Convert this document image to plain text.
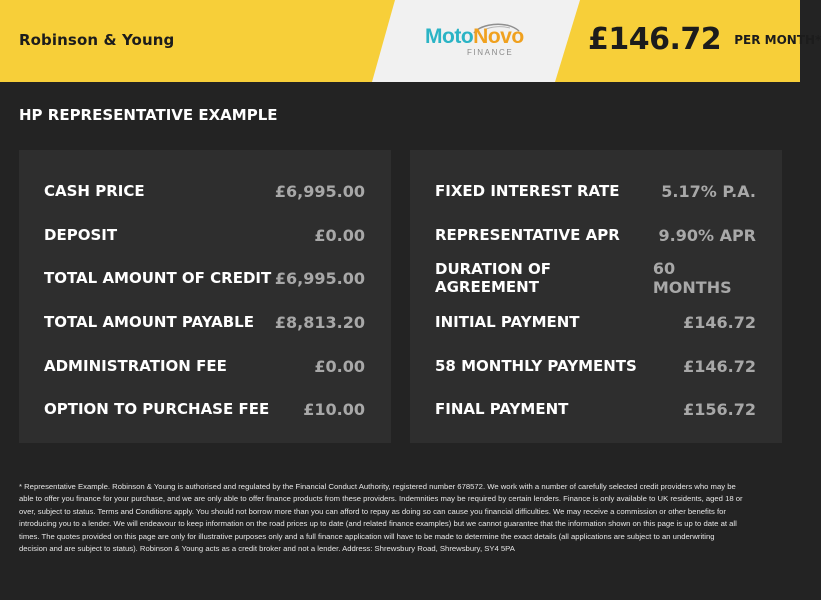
Robinson & Young	MotoNovo
FINANCE	£146.72 PER MONTH*
HP REPRESENTATIVE EXAMPLE
CASH PRICE	£6,995.00
DEPOSIT	£0.00
TOTAL AMOUNT OF CREDIT £6,995.00
TOTAL AMOUNT PAYABLE £8,813.20
ADMINISTRATION FEE	£0.00
OPTION TO PURCHASE FEE £10.00
FIXED INTEREST RATE	5.17% P.A.
REPRESENTATIVE APR 9.90% APR
DURATION OF AGREEMENT
60 MONTHS
INITIAL PAYMENT	£146.72
58 MONTHLY PAYMENTS	£146.72
FINAL PAYMENT	£156.72
* Representative Example. Robinson & Young is authorised and regulated by the Financial Conduct Authority, registered number 678572. We work with a number of carefully selected credit providers who may be able to offer you finance for your purchase, and we are only able to offer finance products from these providers. Indemnities may be required by certain lenders. Finance is only available to UK residents, aged 18 or over, subject to status. Terms and Conditions apply. You should not borrow more than you can afford to repay as doing so can cause you financial difficulties. We may receive a commission or other benefits for introducing you to a lender. We will endeavour to keep information on the road prices up to date (and related finance examples) but we cannot guarantee that the information shown on this page is up to date at all times. The quotes provided on this page are only for illustrative purposes only and a full finance application will have to be made to determine the exact details (all applications are subject to an underwriting decision and are subject to status). Robinson & Young acts as a credit broker and not a lender. Address: Shrewsbury Road, Shrewsbury, SY4 5PA
